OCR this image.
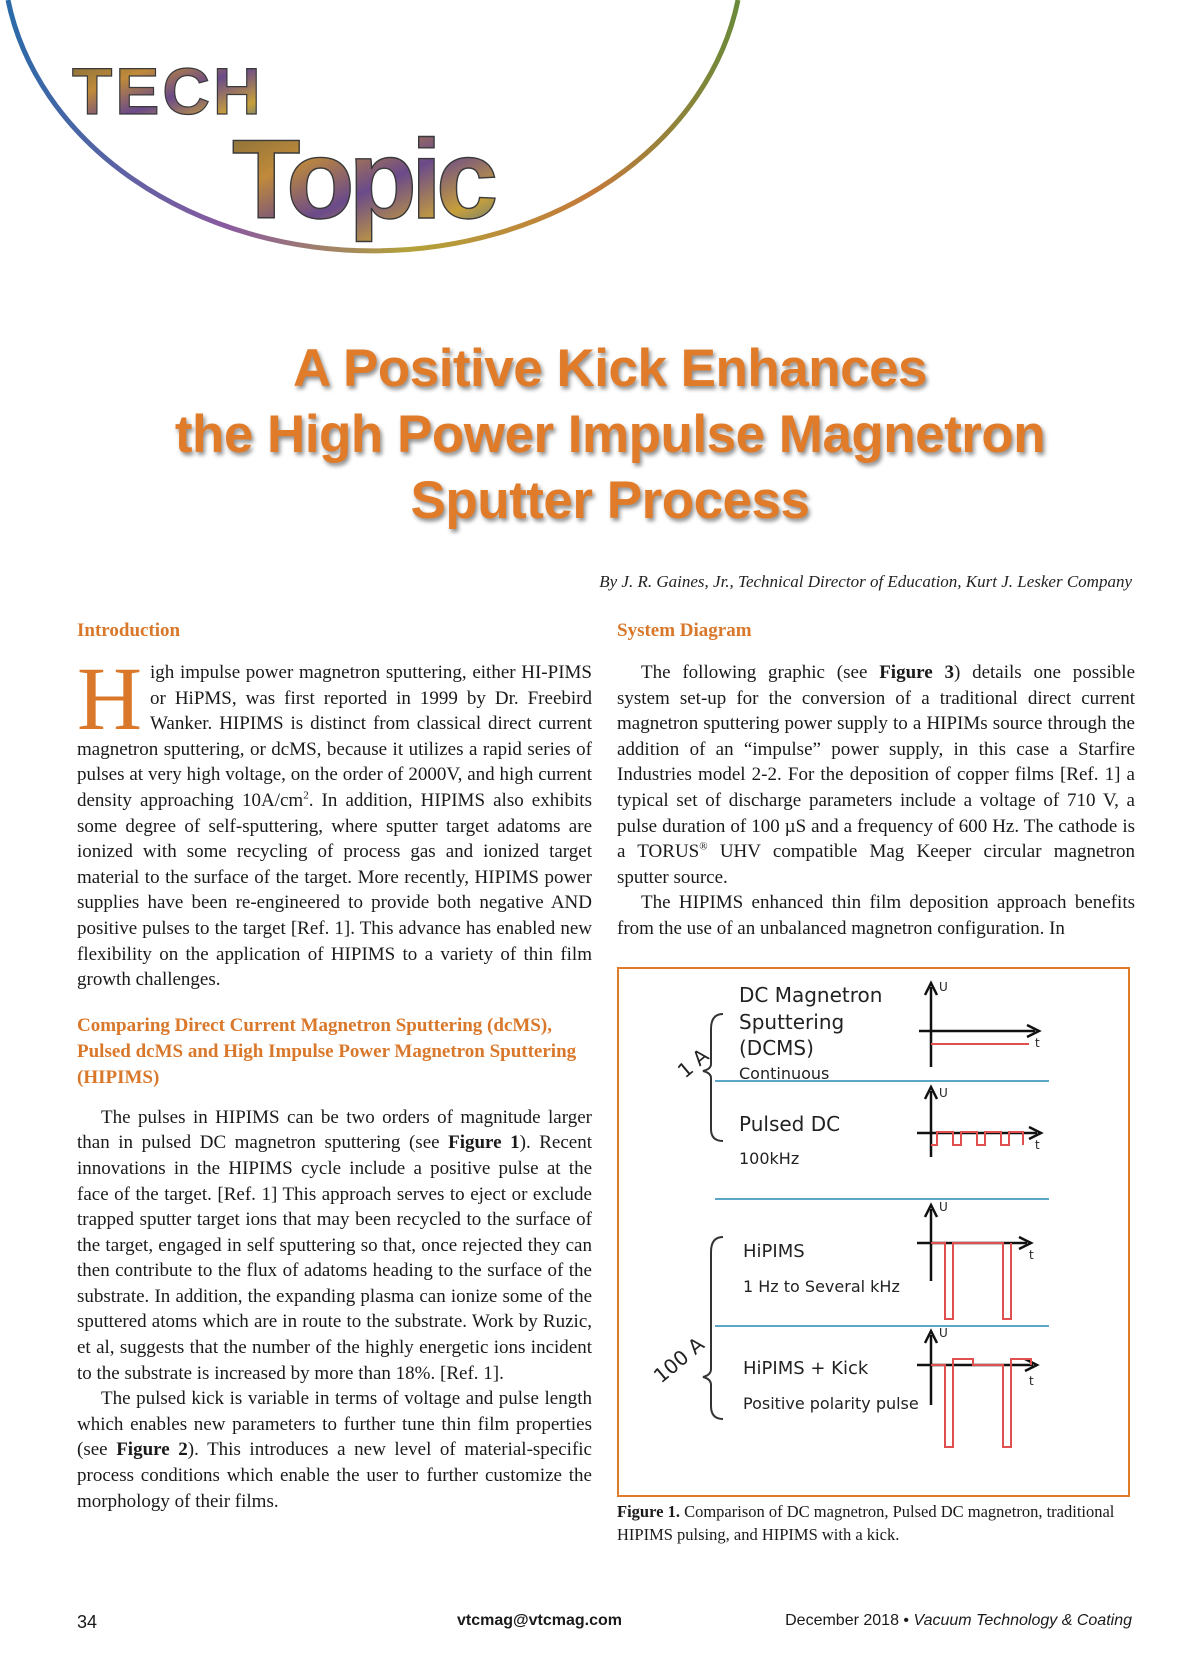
TECH
Topic
A Positive Kick Enhances
the High Power Impulse Magnetron
Sputter Process
By J. R. Gaines, Jr., Technical Director of Education, Kurt J. Lesker Company
Introduction

High impulse power magnetron sputtering, either HI-PIMS or HiPMS, was first reported in 1999 by Dr. Freebird Wanker. HIPIMS is distinct from classical direct current magnetron sputtering, or dcMS, because it utilizes a rapid series of pulses at very high voltage, on the order of 2000V, and high current density approaching $10A/cm^2$. In addition, HIPIMS also exhibits some degree of self-sputtering, where sputter target adatoms are ionized with some recycling of process gas and ionized target material to the surface of the target. More recently, HIPIMS power supplies have been re-engineered to provide both negative AND positive pulses to the target [Ref. 1]. This advance has enabled new flexibility on the application of HIPIMS to a variety of thin film growth challenges.

Comparing Direct Current Magnetron Sputtering (dcMS), Pulsed dcMS and High Impulse Power Magnetron Sputtering (HIPIMS)

The pulses in HIPIMS can be two orders of magnitude larger than in pulsed DC magnetron sputtering (see Figure 1). Recent innovations in the HIPIMS cycle include a positive pulse at the face of the target. [Ref. 1] This approach serves to eject or exclude trapped sputter target ions that may been recycled to the surface of the target, engaged in self sputtering so that, once rejected they can then contribute to the flux of adatoms heading to the surface of the substrate. In addition, the expanding plasma can ionize some of the sputtered atoms which are in route to the substrate. Work by Ruzic, et al, suggests that the number of the highly energetic ions incident to the substrate is increased by more than 18%. [Ref. 1].

The pulsed kick is variable in terms of voltage and pulse length which enables new parameters to further tune thin film properties (see Figure 2). This introduces a new level of material-specific process conditions which enable the user to further customize the morphology of their films.

System Diagram

The following graphic (see Figure 3) details one possible system set-up for the conversion of a traditional direct current magnetron sputtering power supply to a HIPIMs source through the addition of an “impulse” power supply, in this case a Starfire Industries model 2-2. For the deposition of copper films [Ref. 1] a typical set of discharge parameters include a voltage of 710 V, a pulse duration of 100 µS and a frequency of 600 Hz. The cathode is a TORUS® UHV compatible Mag Keeper circular magnetron sputter source.

The HIPIMS enhanced thin film deposition approach benefits from the use of an unbalanced magnetron configuration. In

DC Magnetron
Sputtering
(DCMS)
Continuous
Pulsed DC
100kHz
HiPIMS
1 Hz to Several kHz
HiPIMS + Kick
Positive polarity pulse
1 A
100 A
U
t
U
t
U
t
U
t
Figure 1. Comparison of DC magnetron, Pulsed DC magnetron, traditional HIPIMS pulsing, and HIPIMS with a kick.
34	vtcmag@vtcmag.com	December 2018 • Vacuum Technology & Coating
